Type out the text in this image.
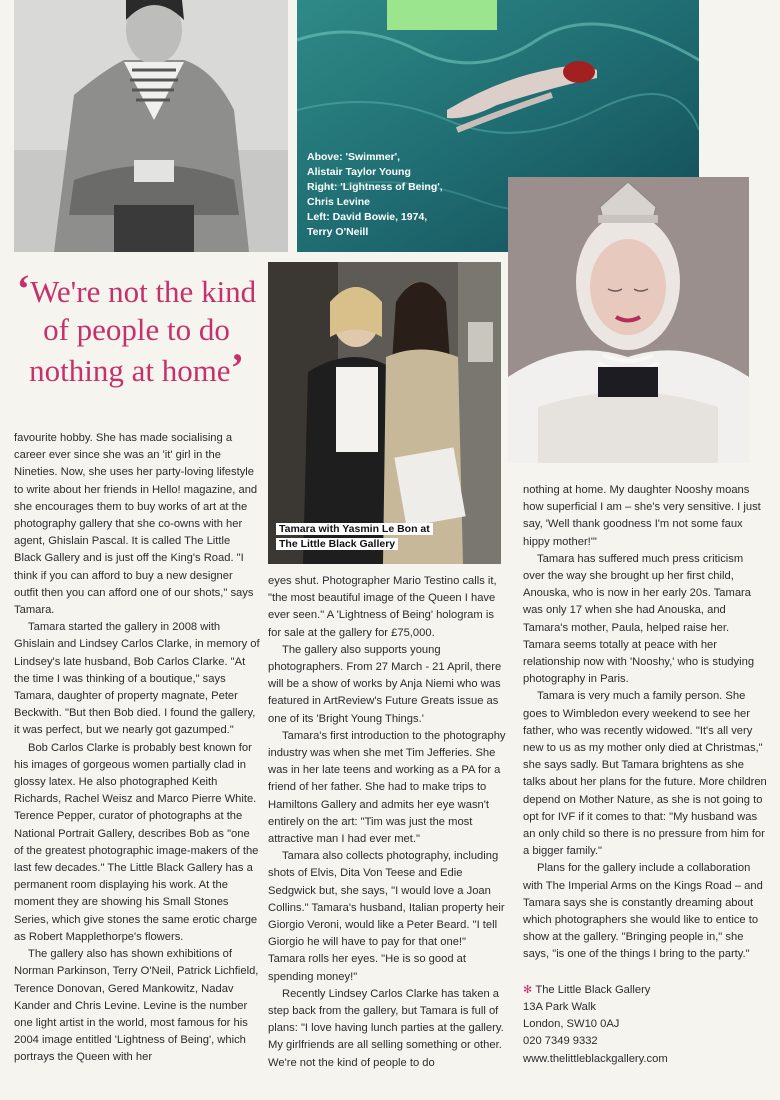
Above: 'Swimmer',
Alistair Taylor Young
Right: 'Lightness of Being',
Chris Levine
Left: David Bowie, 1974,
Terry O'Neill
Tamara with Yasmin Le Bon at
The Little Black Gallery
‘We're not the kind of people to do nothing at home’

favourite hobby. She has made socialising a career ever since she was an 'it' girl in the Nineties. Now, she uses her party-loving lifestyle to write about her friends in Hello! magazine, and she encourages them to buy works of art at the photography gallery that she co-owns with her agent, Ghislain Pascal. It is called The Little Black Gallery and is just off the King's Road. "I think if you can afford to buy a new designer outfit then you can afford one of our shots," says Tamara.

Tamara started the gallery in 2008 with Ghislain and Lindsey Carlos Clarke, in memory of Lindsey's late husband, Bob Carlos Clarke. "At the time I was thinking of a boutique," says Tamara, daughter of property magnate, Peter Beckwith. "But then Bob died. I found the gallery, it was perfect, but we nearly got gazumped."

Bob Carlos Clarke is probably best known for his images of gorgeous women partially clad in glossy latex. He also photographed Keith Richards, Rachel Weisz and Marco Pierre White. Terence Pepper, curator of photographs at the National Portrait Gallery, describes Bob as "one of the greatest photographic image-makers of the last few decades." The Little Black Gallery has a permanent room displaying his work. At the moment they are showing his Small Stones Series, which give stones the same erotic charge as Robert Mapplethorpe's flowers.

The gallery also has shown exhibitions of Norman Parkinson, Terry O'Neil, Patrick Lichfield, Terence Donovan, Gered Mankowitz, Nadav Kander and Chris Levine. Levine is the number one light artist in the world, most famous for his 2004 image entitled 'Lightness of Being', which portrays the Queen with her

eyes shut. Photographer Mario Testino calls it, "the most beautiful image of the Queen I have ever seen." A 'Lightness of Being' hologram is for sale at the gallery for £75,000.

The gallery also supports young photographers. From 27 March - 21 April, there will be a show of works by Anja Niemi who was featured in ArtReview's Future Greats issue as one of its 'Bright Young Things.'

Tamara's first introduction to the photography industry was when she met Tim Jefferies. She was in her late teens and working as a PA for a friend of her father. She had to make trips to Hamiltons Gallery and admits her eye wasn't entirely on the art: "Tim was just the most attractive man I had ever met."

Tamara also collects photography, including shots of Elvis, Dita Von Teese and Edie Sedgwick but, she says, "I would love a Joan Collins." Tamara's husband, Italian property heir Giorgio Veroni, would like a Peter Beard. "I tell Giorgio he will have to pay for that one!" Tamara rolls her eyes. "He is so good at spending money!"

Recently Lindsey Carlos Clarke has taken a step back from the gallery, but Tamara is full of plans: "I love having lunch parties at the gallery. My girlfriends are all selling something or other. We're not the kind of people to do

nothing at home. My daughter Nooshy moans how superficial I am – she's very sensitive. I just say, 'Well thank goodness I'm not some faux hippy mother!'"

Tamara has suffered much press criticism over the way she brought up her first child, Anouska, who is now in her early 20s. Tamara was only 17 when she had Anouska, and Tamara's mother, Paula, helped raise her. Tamara seems totally at peace with her relationship now with 'Nooshy,' who is studying photography in Paris.

Tamara is very much a family person. She goes to Wimbledon every weekend to see her father, who was recently widowed. "It's all very new to us as my mother only died at Christmas," she says sadly. But Tamara brightens as she talks about her plans for the future. More children depend on Mother Nature, as she is not going to opt for IVF if it comes to that: "My husband was an only child so there is no pressure from him for a bigger family."

Plans for the gallery include a collaboration with The Imperial Arms on the Kings Road – and Tamara says she is constantly dreaming about which photographers she would like to entice to show at the gallery. "Bringing people in," she says, "is one of the things I bring to the party."

✻ The Little Black Gallery
13A Park Walk
London, SW10 0AJ
020 7349 9332
www.thelittleblackgallery.com
